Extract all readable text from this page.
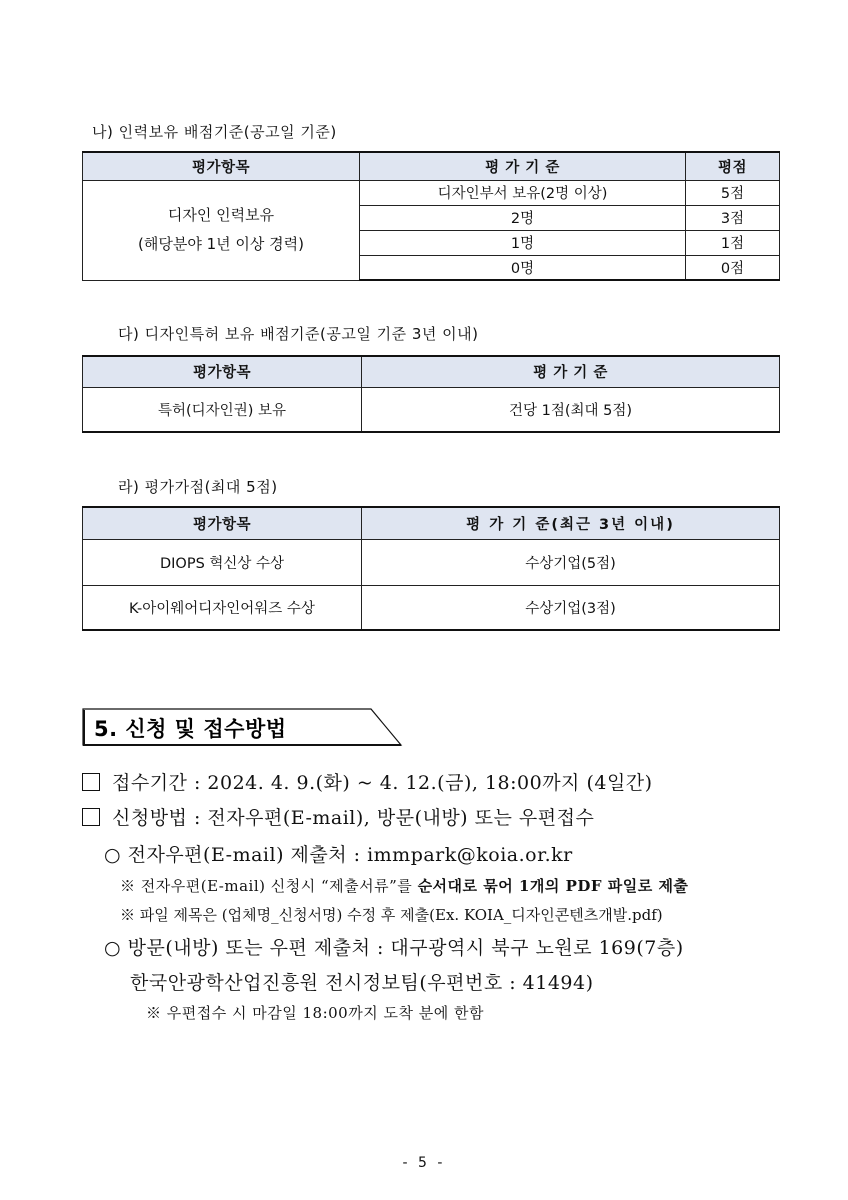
나) 인력보유 배점기준(공고일 기준)
평가항목	평 가 기 준	평점

디자인 인력보유
(해당분야 1년 이상 경력)	디자인부서 보유(2명 이상)	5점
	2명	3점
	1명	1점
	0명	0점
다) 디자인특허 보유 배점기준(공고일 기준 3년 이내)
평가항목	평 가 기 준
특허(디자인권) 보유	건당 1점(최대 5점)
라) 평가가점(최대 5점)
평가항목	평 가 기 준(최근 3년 이내)
DIOPS 혁신상 수상	수상기업(5점)
K-아이웨어디자인어워즈 수상	수상기업(3점)
5. 신청 및 접수방법
접수기간 : 2024. 4. 9.(화) ~ 4. 12.(금), 18:00까지 (4일간)
신청방법 : 전자우편(E-mail), 방문(내방) 또는 우편접수
○ 전자우편(E-mail) 제출처 : immpark@koia.or.kr
※ 전자우편(E-mail) 신청시 “제출서류”를 순서대로 묶어 1개의 PDF 파일로 제출
※ 파일 제목은 (업체명_신청서명) 수정 후 제출(Ex. KOIA_디자인콘텐츠개발.pdf)
○ 방문(내방) 또는 우편 제출처 : 대구광역시 북구 노원로 169(7층)
한국안광학산업진흥원 전시정보팀(우편번호 : 41494)
※ 우편접수 시 마감일 18:00까지 도착 분에 한함
- 5 -
